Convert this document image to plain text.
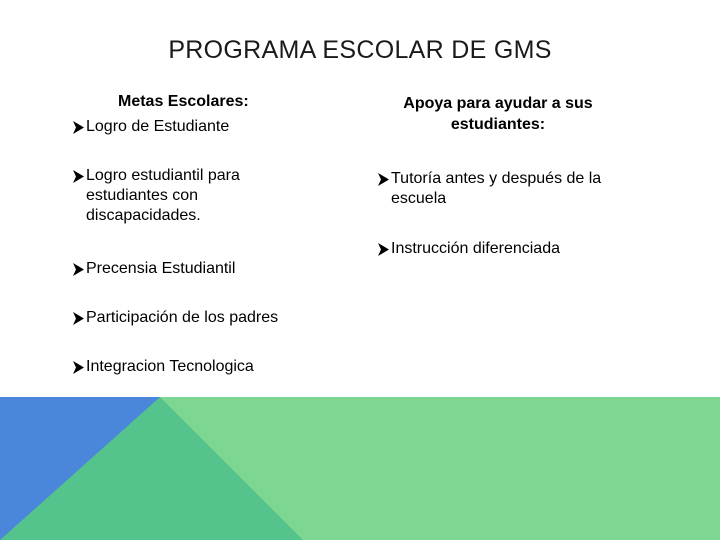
PROGRAMA ESCOLAR DE GMS
Metas Escolares:
Logro de Estudiante
Logro estudiantil para estudiantes con discapacidades.
Precensia Estudiantil
Participación de los padres
Integracion Tecnologica
Apoya para ayudar a sus estudiantes:
Tutoría antes y después de la escuela
Instrucción diferenciada
